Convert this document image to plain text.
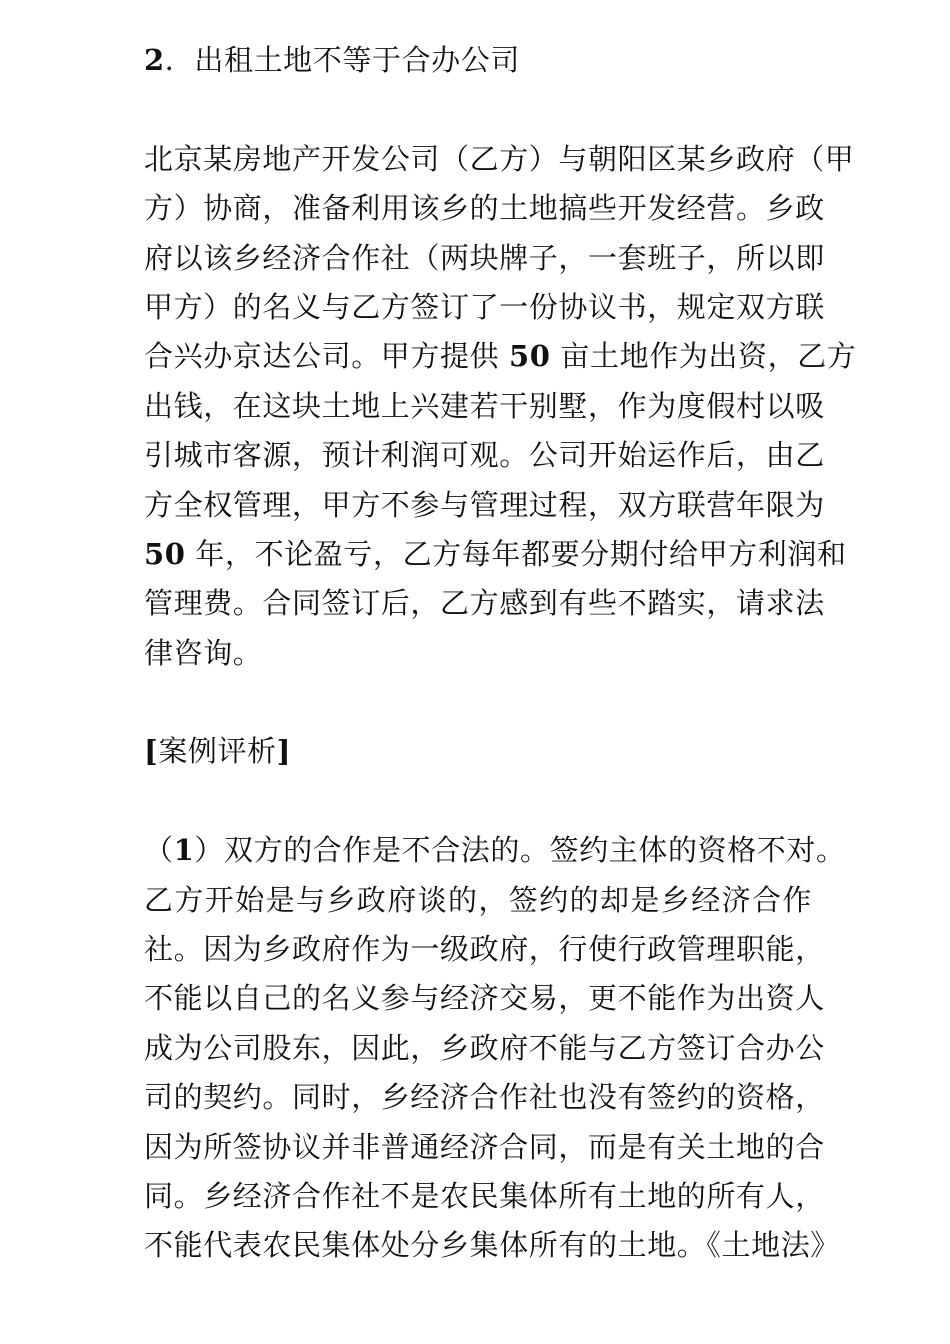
2．出租土地不等于合办公司
北京某房地产开发公司（乙方）与朝阳区某乡政府（甲
方）协商，准备利用该乡的土地搞些开发经营。乡政
府以该乡经济合作社（两块牌子，一套班子，所以即
甲方）的名义与乙方签订了一份协议书，规定双方联
合兴办京达公司。甲方提供 50 亩土地作为出资，乙方
出钱，在这块土地上兴建若干别墅，作为度假村以吸
引城市客源，预计利润可观。公司开始运作后，由乙
方全权管理，甲方不参与管理过程，双方联营年限为
50 年，不论盈亏，乙方每年都要分期付给甲方利润和
管理费。合同签订后，乙方感到有些不踏实，请求法
律咨询。
[案例评析]
（1）双方的合作是不合法的。签约主体的资格不对。
乙方开始是与乡政府谈的，签约的却是乡经济合作
社。因为乡政府作为一级政府，行使行政管理职能，
不能以自己的名义参与经济交易，更不能作为出资人
成为公司股东，因此，乡政府不能与乙方签订合办公
司的契约。同时，乡经济合作社也没有签约的资格，
因为所签协议并非普通经济合同，而是有关土地的合
同。乡经济合作社不是农民集体所有土地的所有人，
不能代表农民集体处分乡集体所有的土地。《土地法》
